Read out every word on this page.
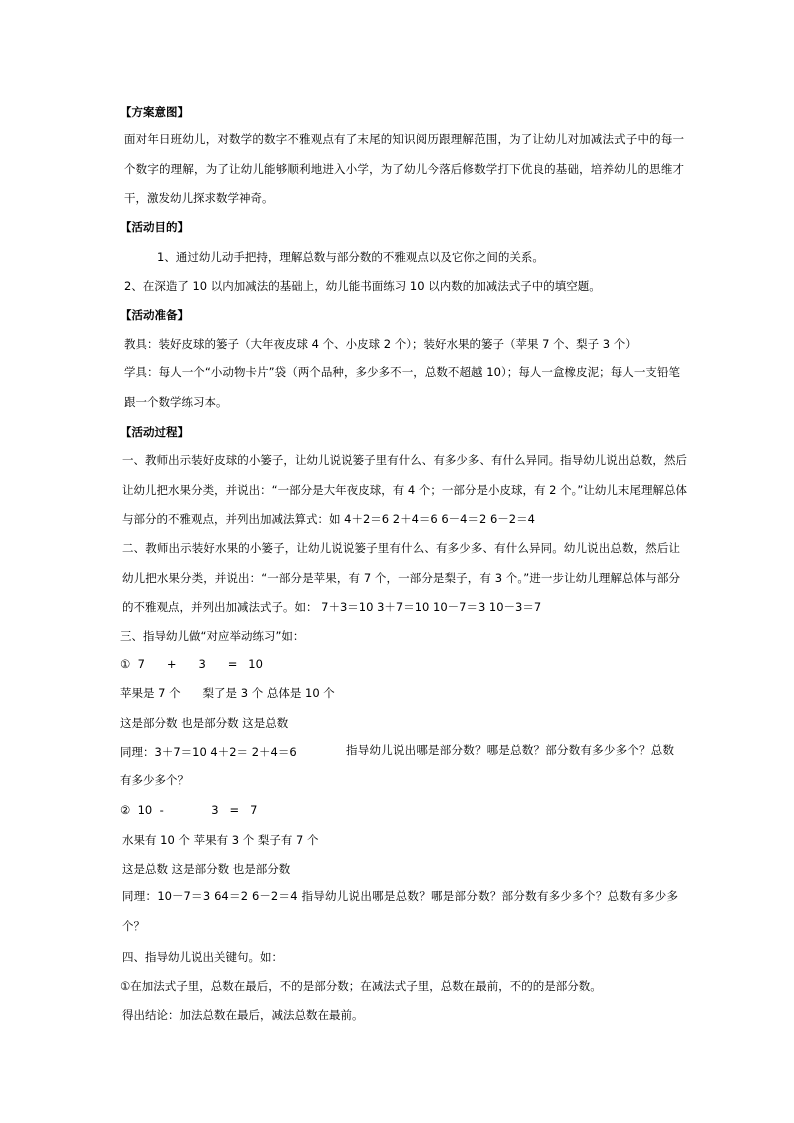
【方案意图】

面对年日班幼儿，对数学的数字不雅观点有了末尾的知识阅历跟理解范围，为了让幼儿对加减法式子中的每一个数字的理解，为了让幼儿能够顺利地进入小学，为了幼儿今落后修数学打下优良的基础，培养幼儿的思维才干，激发幼儿探求数学神奇。

【活动目的】

1、通过幼儿动手把持，理解总数与部分数的不雅观点以及它你之间的关系。

2、在深造了 10 以内加减法的基础上，幼儿能书面练习 10 以内数的加减法式子中的填空题。

【活动准备】

教具：装好皮球的篓子（大年夜皮球 4 个、小皮球 2 个）；装好水果的篓子（苹果 7 个、梨子 3 个）

学具：每人一个“小动物卡片”袋（两个品种，多少多不一，总数不超越 10）；每人一盒橡皮泥；每人一支铅笔跟一个数学练习本。

【活动过程】

一、教师出示装好皮球的小篓子，让幼儿说说篓子里有什么、有多少多、有什么异同。指导幼儿说出总数，然后让幼儿把水果分类，并说出：“一部分是大年夜皮球，有 4 个；一部分是小皮球，有 2 个。”让幼儿末尾理解总体与部分的不雅观点，并列出加减法算式：如 4＋2＝6 2＋4＝6 6－4＝2 6－2＝4

二、教师出示装好水果的小篓子，让幼儿说说篓子里有什么、有多少多、有什么异同。幼儿说出总数，然后让幼儿把水果分类，并说出：“一部分是苹果，有 7 个，一部分是梨子，有 3 个。”进一步让幼儿理解总体与部分的不雅观点，并列出加减法式子。如： 7＋3＝10 3＋7＝10 10－7＝3 10－3＝7

三、指导幼儿做“对应举动练习”如：

①  7      +      3      =   10

苹果是 7 个      梨了是 3 个 总体是 10 个

这是部分数 也是部分数 这是总数

同理：3＋7＝10 4＋2＝ 2＋4＝6	指导幼儿说出哪是部分数？哪是总数？部分数有多少多个？总数有多少多个？

②  10  -             3   =   7

水果有 10 个 苹果有 3 个 梨子有 7 个

这是总数 这是部分数 也是部分数

同理：10－7＝3 64＝2 6－2＝4 指导幼儿说出哪是总数？哪是部分数？部分数有多少多个？总数有多少多个？

四、指导幼儿说出关键句。如：

①在加法式子里，总数在最后，不的是部分数；在减法式子里，总数在最前，不的的是部分数。

得出结论：加法总数在最后，减法总数在最前。
